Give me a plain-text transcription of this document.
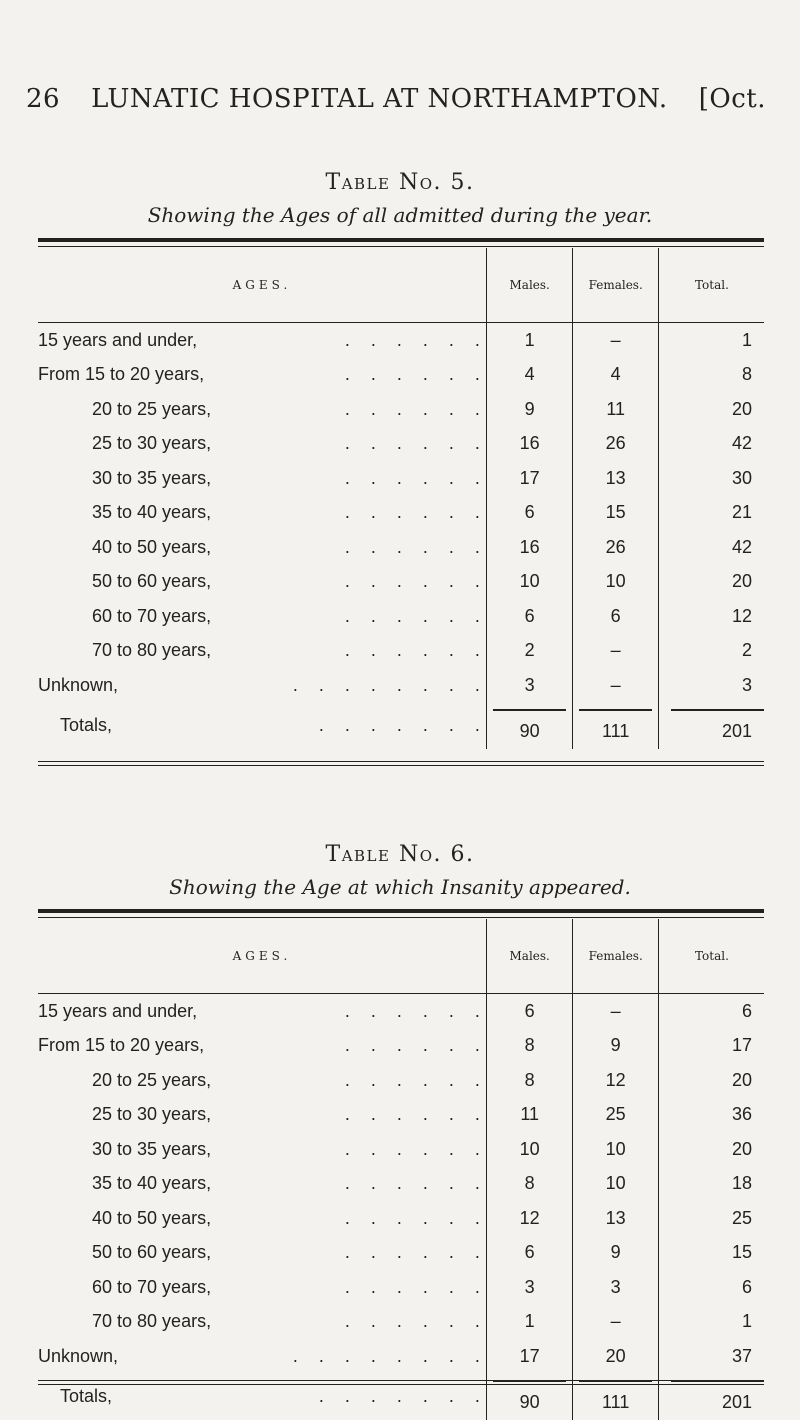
26 LUNATIC HOSPITAL AT NORTHAMPTON. [Oct.

Table No. 5.

Showing the Ages of all admitted during the year.

AGES.	Males.	Females.	Total.

15 years and under, . . . . . .	1	–	1

From 15 to 20 years, . . . . . .	4	4	8

20 to 25 years, . . . . . .	9	11	20

25 to 30 years, . . . . . .	16	26	42

30 to 35 years, . . . . . .	17	13	30

35 to 40 years, . . . . . .	6	15	21

40 to 50 years, . . . . . .	16	26	42

50 to 60 years, . . . . . .	10	10	20

60 to 70 years, . . . . . .	6	6	12

70 to 80 years, . . . . . .	2	–	2

Unknown, . . . . . . . .	3	–	3

Totals, . . . . . . .	90	111	201

Table No. 6.

Showing the Age at which Insanity appeared.

AGES.	Males.	Females.	Total.

15 years and under, . . . . . .	6	–	6

From 15 to 20 years, . . . . . .	8	9	17

20 to 25 years, . . . . . .	8	12	20

25 to 30 years, . . . . . .	11	25	36

30 to 35 years, . . . . . .	10	10	20

35 to 40 years, . . . . . .	8	10	18

40 to 50 years, . . . . . .	12	13	25

50 to 60 years, . . . . . .	6	9	15

60 to 70 years, . . . . . .	3	3	6

70 to 80 years, . . . . . .	1	–	1

Unknown, . . . . . . . .	17	20	37

Totals, . . . . . . .	90	111	201
